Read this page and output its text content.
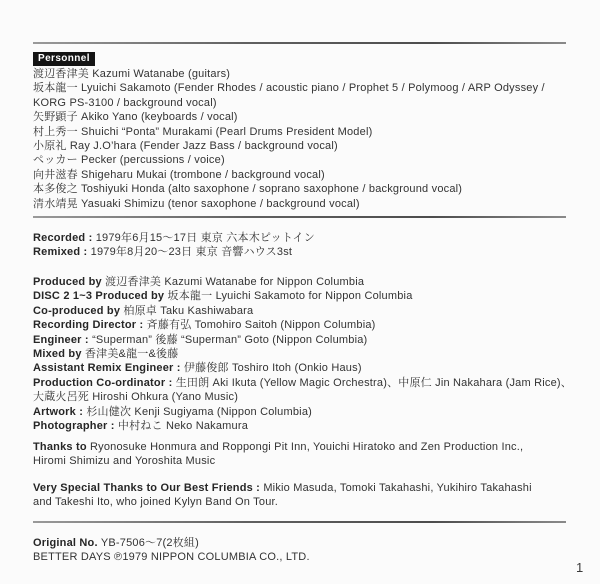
Personnel
渡辺香津美 Kazumi Watanabe (guitars)
坂本龍一 Lyuichi Sakamoto (Fender Rhodes / acoustic piano / Prophet 5 / Polymoog / ARP Odyssey /
KORG PS-3100 / background vocal)
矢野顕子 Akiko Yano (keyboards / vocal)
村上秀一 Shuichi “Ponta” Murakami (Pearl Drums President Model)
小原礼 Ray J.O’hara (Fender Jazz Bass / background vocal)
ペッカー Pecker (percussions / voice)
向井滋春 Shigeharu Mukai (trombone / background vocal)
本多俊之 Toshiyuki Honda (alto saxophone / soprano saxophone / background vocal)
清水靖晃 Yasuaki Shimizu (tenor saxophone / background vocal)
Recorded : 1979年6月15～17日 東京 六本木ピットイン
Remixed : 1979年8月20～23日 東京 音響ハウス3st
Produced by 渡辺香津美 Kazumi Watanabe for Nippon Columbia
DISC 2 1~3 Produced by 坂本龍一 Lyuichi Sakamoto for Nippon Columbia
Co-produced by 柏原卓 Taku Kashiwabara
Recording Director : 斉藤有弘 Tomohiro Saitoh (Nippon Columbia)
Engineer : “Superman” 後藤 “Superman” Goto (Nippon Columbia)
Mixed by 香津美&龍一&後藤
Assistant Remix Engineer : 伊藤俊郎 Toshiro Itoh (Onkio Haus)
Production Co-ordinator : 生田朗 Aki Ikuta (Yellow Magic Orchestra)、中原仁 Jin Nakahara (Jam Rice)、
大蔵火呂死 Hiroshi Ohkura (Yano Music)
Artwork : 杉山健次 Kenji Sugiyama (Nippon Columbia)
Photographer : 中村ねこ Neko Nakamura
Thanks to Ryonosuke Honmura and Roppongi Pit Inn, Youichi Hiratoko and Zen Production Inc.,
Hiromi Shimizu and Yoroshita Music
Very Special Thanks to Our Best Friends : Mikio Masuda, Tomoki Takahashi, Yukihiro Takahashi
and Takeshi Ito, who joined Kylyn Band On Tour.
Original No. YB-7506～7(2枚組)
BETTER DAYS ℗1979 NIPPON COLUMBIA CO., LTD.
1
